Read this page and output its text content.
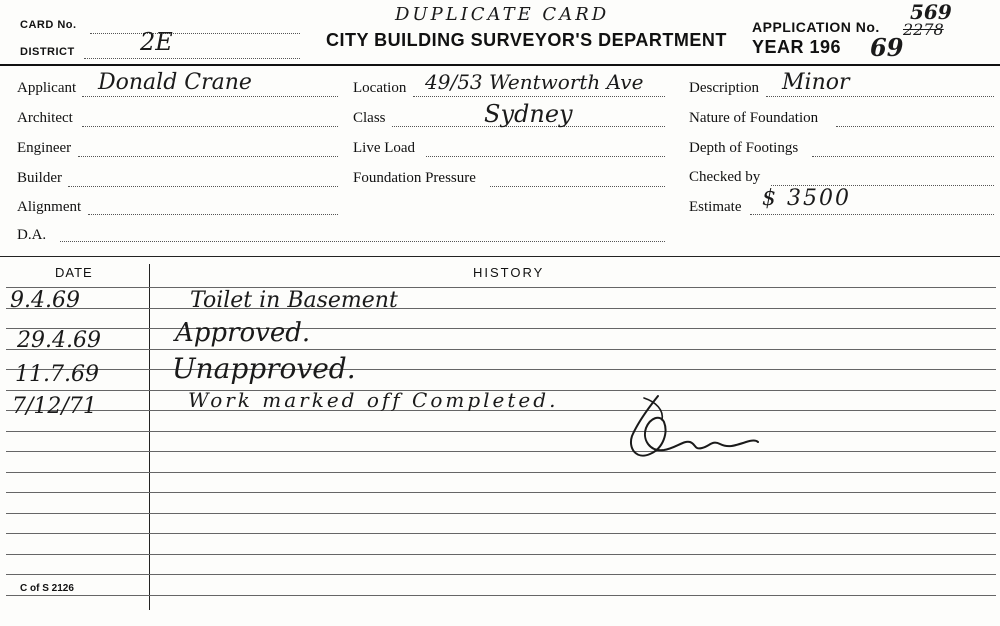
CARD No.
DISTRICT	2E
DUPLICATE CARD
CITY BUILDING SURVEYOR'S DEPARTMENT
APPLICATION No.
569
2278
YEAR 196 69
Applicant Donald Crane
Architect
Engineer
Builder
Alignment
D.A.
Location 49/53 Wentworth Ave
Class	Sydney
Live Load
Foundation Pressure
Description Minor
Nature of Foundation
Depth of Footings
Checked by
Estimate $ 3500
DATE	HISTORY
9.4.69	Toilet in Basement
29.4.69	Approved.
11.7.69	Unapproved.
7/12/71	Work marked off Completed.
C of S 2126
